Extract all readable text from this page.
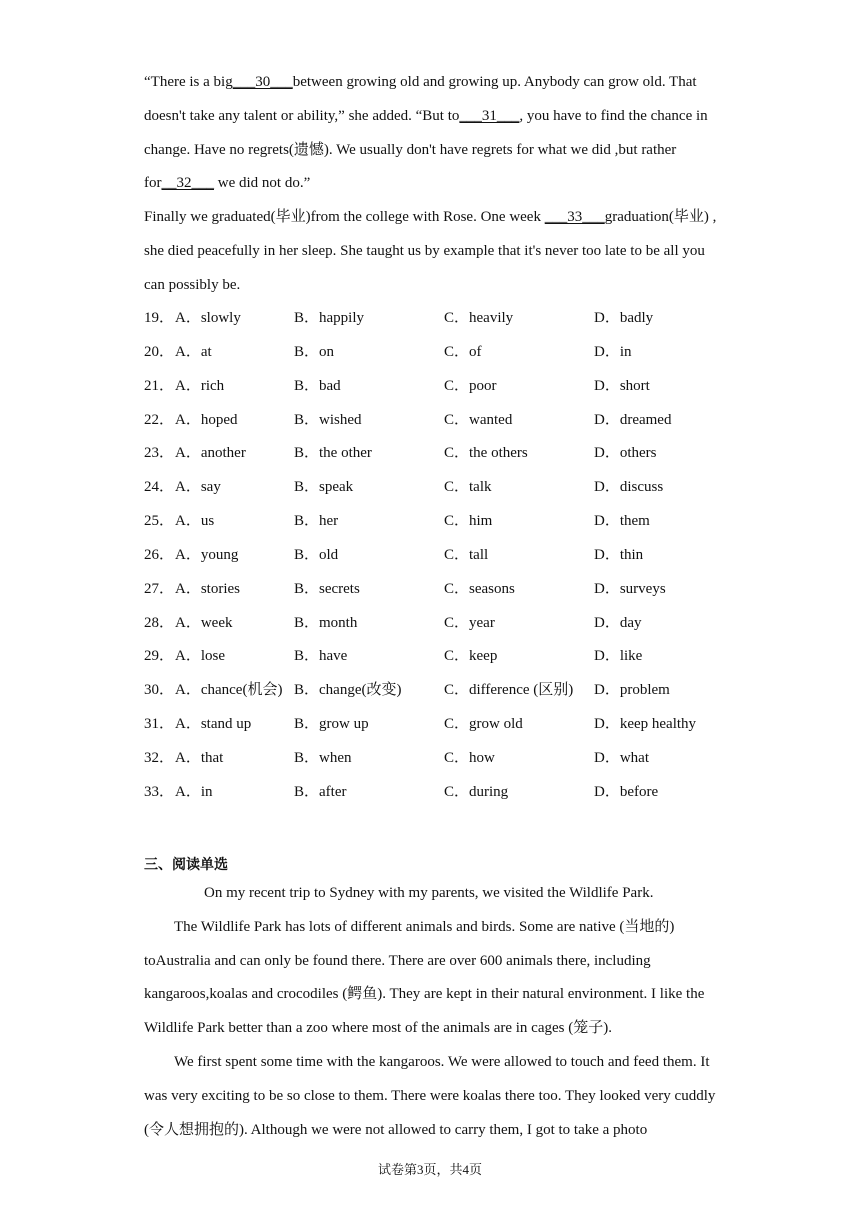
“There is a big___30___between growing old and growing up. Anybody can grow old. That doesn't take any talent or ability,” she added. “But to___31___, you have to find the chance in change. Have no regrets(遗憾). We usually don't have regrets for what we did ,but rather for__32___ we did not do.”

Finally we graduated(毕业)from the college with Rose. One week ___33___graduation(毕业) , she died peacefully in her sleep. She taught us by example that it's never too late to be all you can possibly be.

19． A．slowly	B．happily	C．heavily	D．badly
20． A．at	B．on	C．of	D．in
21． A．rich	B．bad	C．poor	D．short
22． A．hoped	B．wished	C．wanted	D．dreamed
23． A．another	B．the other	C．the others	D．others
24． A．say	B．speak	C．talk	D．discuss
25． A．us	B．her	C．him	D．them
26． A．young	B．old	C．tall	D．thin
27． A．stories	B．secrets	C．seasons	D．surveys
28． A．week	B．month	C．year	D．day
29． A．lose	B．have	C．keep	D．like
30． A．chance(机会) B．change(改变)	C．difference (区别) D．problem
31． A．stand up	B．grow up	C．grow old	D．keep healthy
32． A．that	B．when	C．how	D．what
33． A．in	B．after	C．during	D．before
三、阅读单选

On my recent trip to Sydney with my parents, we visited the Wildlife Park.

The Wildlife Park has lots of different animals and birds. Some are native (当地的) toAustralia and can only be found there. There are over 600 animals there, including kangaroos,koalas and crocodiles (鳄鱼). They are kept in their natural environment. I like the Wildlife Park better than a zoo where most of the animals are in cages (笼子).

We first spent some time with the kangaroos. We were allowed to touch and feed them. It was very exciting to be so close to them. There were koalas there too. They looked very cuddly (令人想拥抱的). Although we were not allowed to carry them, I got to take a photo

试卷第3页，共4页
